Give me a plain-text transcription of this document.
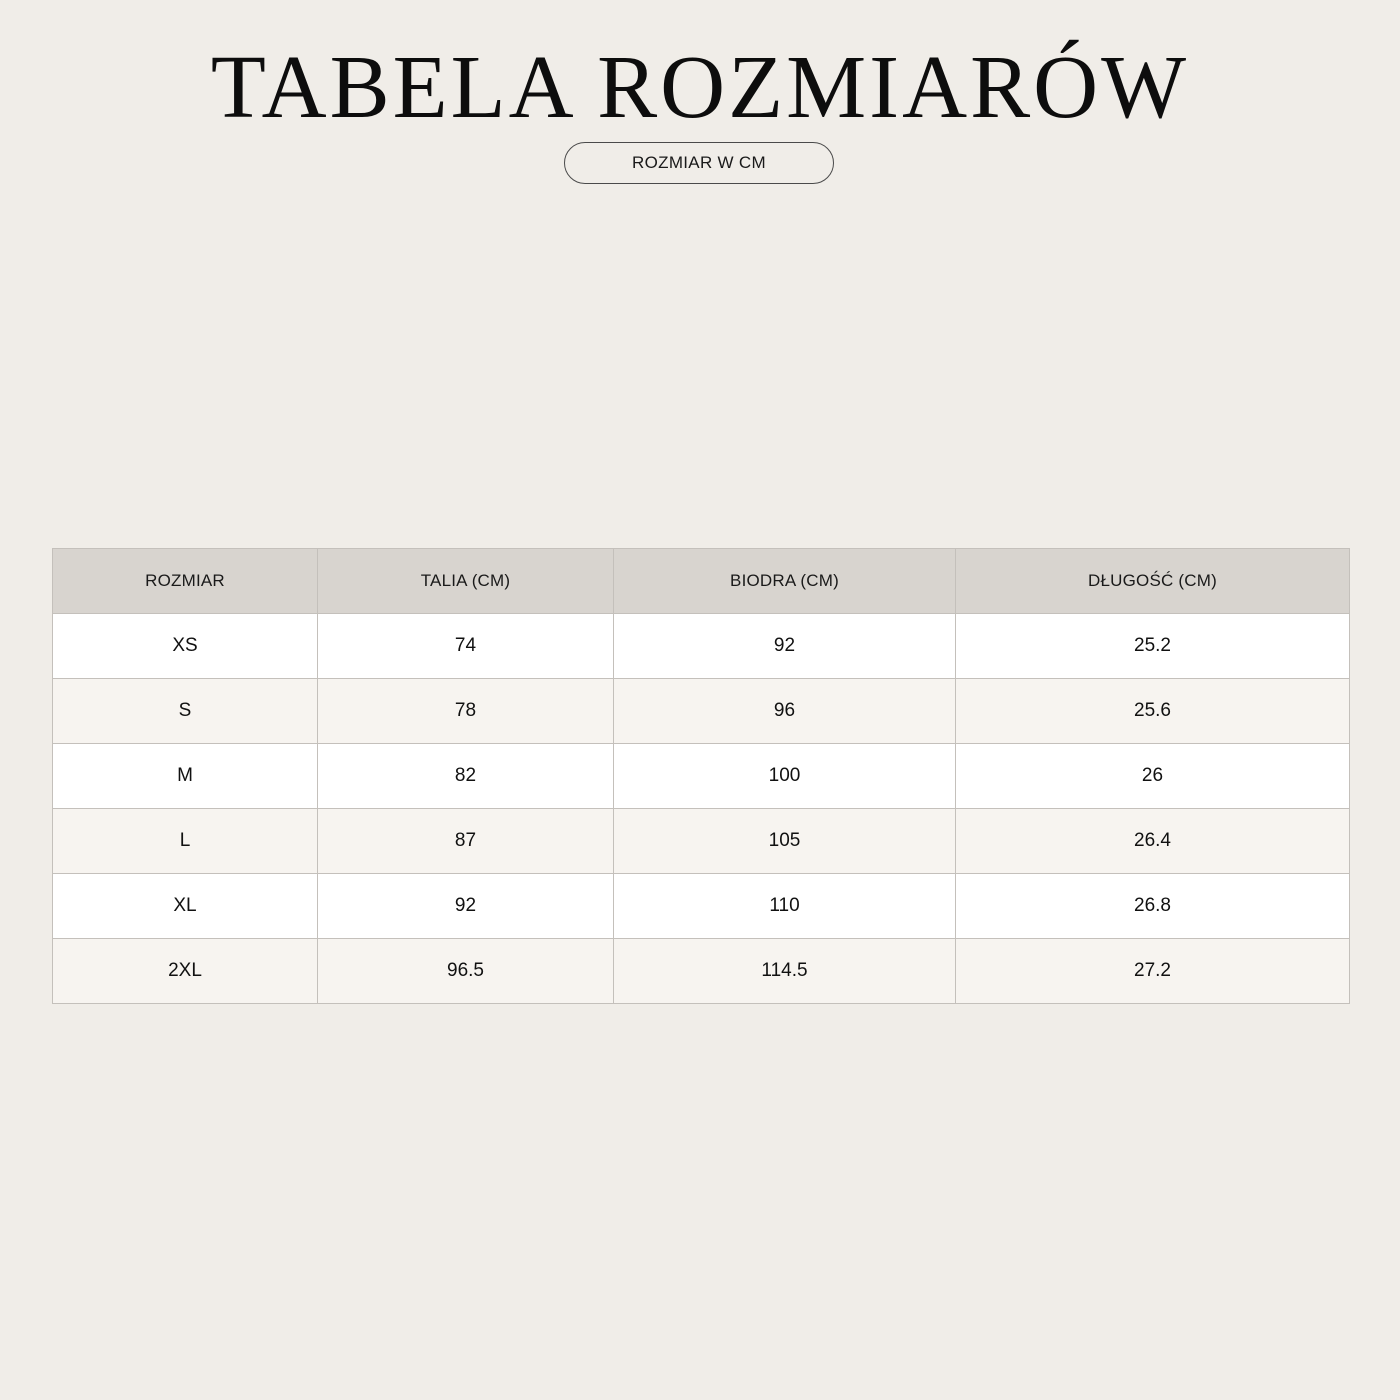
TABELA ROZMIARÓW
ROZMIAR W CM
ROZMIAR	TALIA (CM)	BIODRA (CM)	DŁUGOŚĆ (CM)
XS	74	92	25.2
S	78	96	25.6
M	82	100	26
L	87	105	26.4
XL	92	110	26.8
2XL	96.5	114.5	27.2
